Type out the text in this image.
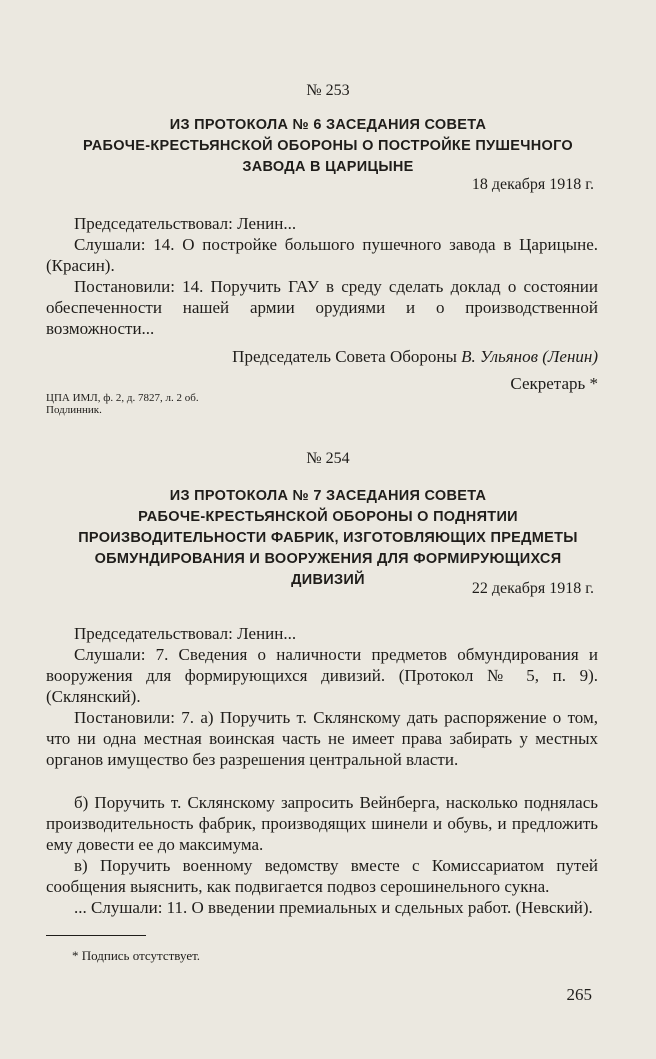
№ 253

ИЗ ПРОТОКОЛА № 6 ЗАСЕДАНИЯ СОВЕТА
РАБОЧЕ-КРЕСТЬЯНСКОЙ ОБОРОНЫ О ПОСТРОЙКЕ ПУШЕЧНОГО
ЗАВОДА В ЦАРИЦЫНЕ

18 декабря 1918 г.

Председательствовал: Ленин...

Слушали: 14. О постройке большого пушечного завода в Царицыне. (Красин).

Постановили: 14. Поручить ГАУ в среду сделать доклад о состоянии обеспеченности нашей армии орудиями и о производственной возможности...

Председатель Совета Обороны В. Ульянов (Ленин)

Секретарь *

ЦПА ИМЛ, ф. 2, д. 7827, л. 2 об.

Подлинник.

№ 254

ИЗ ПРОТОКОЛА № 7 ЗАСЕДАНИЯ СОВЕТА
РАБОЧЕ-КРЕСТЬЯНСКОЙ ОБОРОНЫ О ПОДНЯТИИ
ПРОИЗВОДИТЕЛЬНОСТИ ФАБРИК, ИЗГОТОВЛЯЮЩИХ ПРЕДМЕТЫ
ОБМУНДИРОВАНИЯ И ВООРУЖЕНИЯ ДЛЯ ФОРМИРУЮЩИХСЯ
ДИВИЗИЙ	22 декабря 1918 г.

Председательствовал: Ленин...

Слушали: 7. Сведения о наличности предметов обмундирования и вооружения для формирующихся дивизий. (Протокол № 5, п. 9). (Склянский).

Постановили: 7. а) Поручить т. Склянскому дать распоряжение о том, что ни одна местная воинская часть не имеет права забирать у местных органов имущество без разрешения центральной власти.

б) Поручить т. Склянскому запросить Вейнберга, насколько поднялась производительность фабрик, производящих шинели и обувь, и предложить ему довести ее до максимума.

в) Поручить военному ведомству вместе с Комиссариатом путей сообщения выяснить, как подвигается подвоз серошинельного сукна.

... Слушали: 11. О введении премиальных и сдельных работ. (Невский).

* Подпись отсутствует.

265
